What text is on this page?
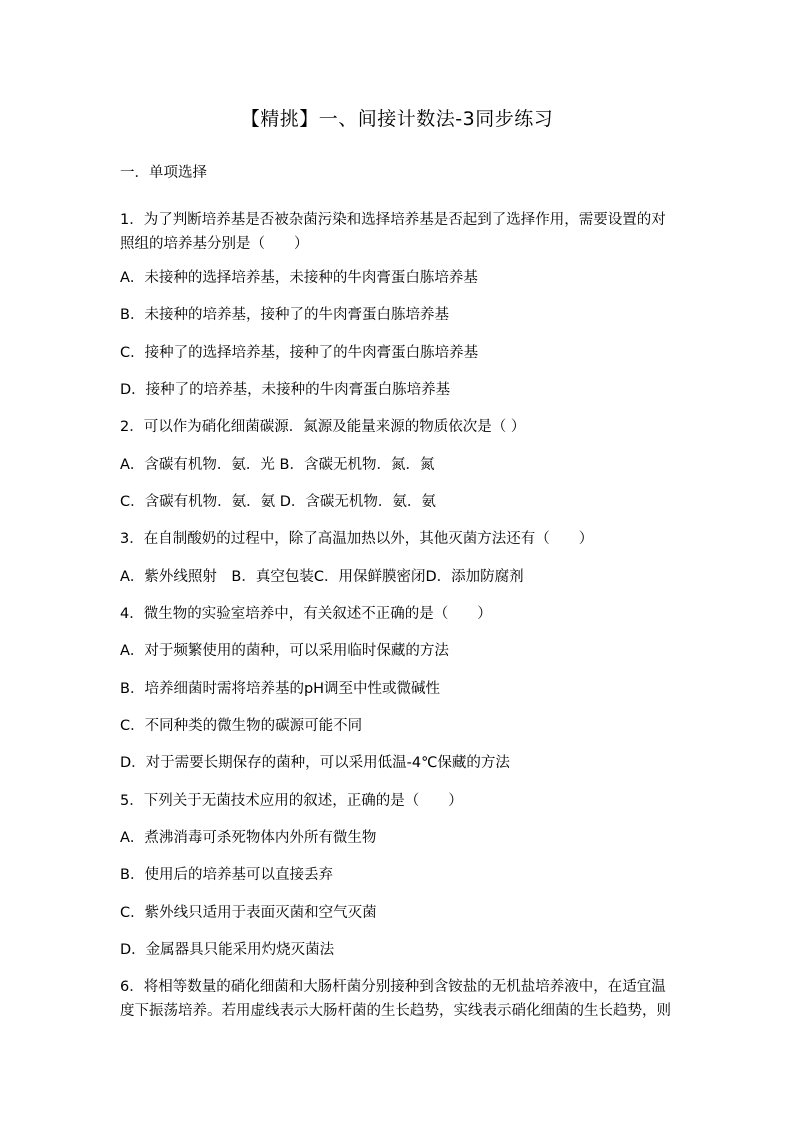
【精挑】一、间接计数法-3同步练习
一．单项选择
1．为了判断培养基是否被杂菌污染和选择培养基是否起到了选择作用，需要设置的对照组的培养基分别是（　　）
A．未接种的选择培养基，未接种的牛肉膏蛋白胨培养基
B．未接种的培养基，接种了的牛肉膏蛋白胨培养基
C．接种了的选择培养基，接种了的牛肉膏蛋白胨培养基
D．接种了的培养基，未接种的牛肉膏蛋白胨培养基
2．可以作为硝化细菌碳源．氮源及能量来源的物质依次是（ ）
A．含碳有机物．氨．光 B．含碳无机物．氮．氮
C．含碳有机物．氨．氨 D．含碳无机物．氨．氨
3．在自制酸奶的过程中，除了高温加热以外，其他灭菌方法还有（　　）
A．紫外线照射　B．真空包装C．用保鲜膜密闭D．添加防腐剂
4．微生物的实验室培养中，有关叙述不正确的是（　　）
A．对于频繁使用的菌种，可以采用临时保藏的方法
B．培养细菌时需将培养基的pH调至中性或微碱性
C．不同种类的微生物的碳源可能不同
D．对于需要长期保存的菌种，可以采用低温-4℃保藏的方法
5．下列关于无菌技术应用的叙述，正确的是（　　）
A．煮沸消毒可杀死物体内外所有微生物
B．使用后的培养基可以直接丢弃
C．紫外线只适用于表面灭菌和空气灭菌
D．金属器具只能采用灼烧灭菌法
6．将相等数量的硝化细菌和大肠杆菌分别接种到含铵盐的无机盐培养液中，在适宜温度下振荡培养。若用虚线表示大肠杆菌的生长趋势，实线表示硝化细菌的生长趋势，则
